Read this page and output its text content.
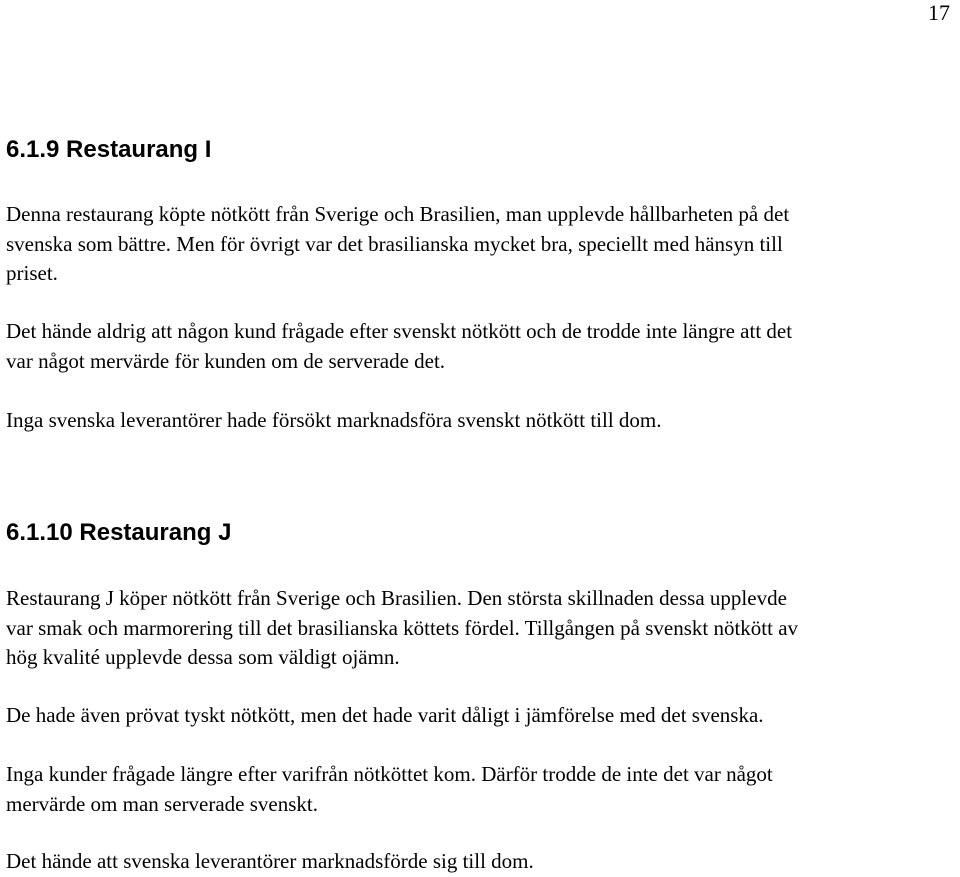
17
6.1.9 Restaurang I

Denna restaurang köpte nötkött från Sverige och Brasilien, man upplevde hållbarheten på det
svenska som bättre. Men för övrigt var det brasilianska mycket bra, speciellt med hänsyn till
priset.

Det hände aldrig att någon kund frågade efter svenskt nötkött och de trodde inte längre att det
var något mervärde för kunden om de serverade det.

Inga svenska leverantörer hade försökt marknadsföra svenskt nötkött till dom.

6.1.10 Restaurang J

Restaurang J köper nötkött från Sverige och Brasilien. Den största skillnaden dessa upplevde
var smak och marmorering till det brasilianska köttets fördel. Tillgången på svenskt nötkött av
hög kvalité upplevde dessa som väldigt ojämn.

De hade även prövat tyskt nötkött, men det hade varit dåligt i jämförelse med det svenska.

Inga kunder frågade längre efter varifrån nötköttet kom. Därför trodde de inte det var något
mervärde om man serverade svenskt.

Det hände att svenska leverantörer marknadsförde sig till dom.
